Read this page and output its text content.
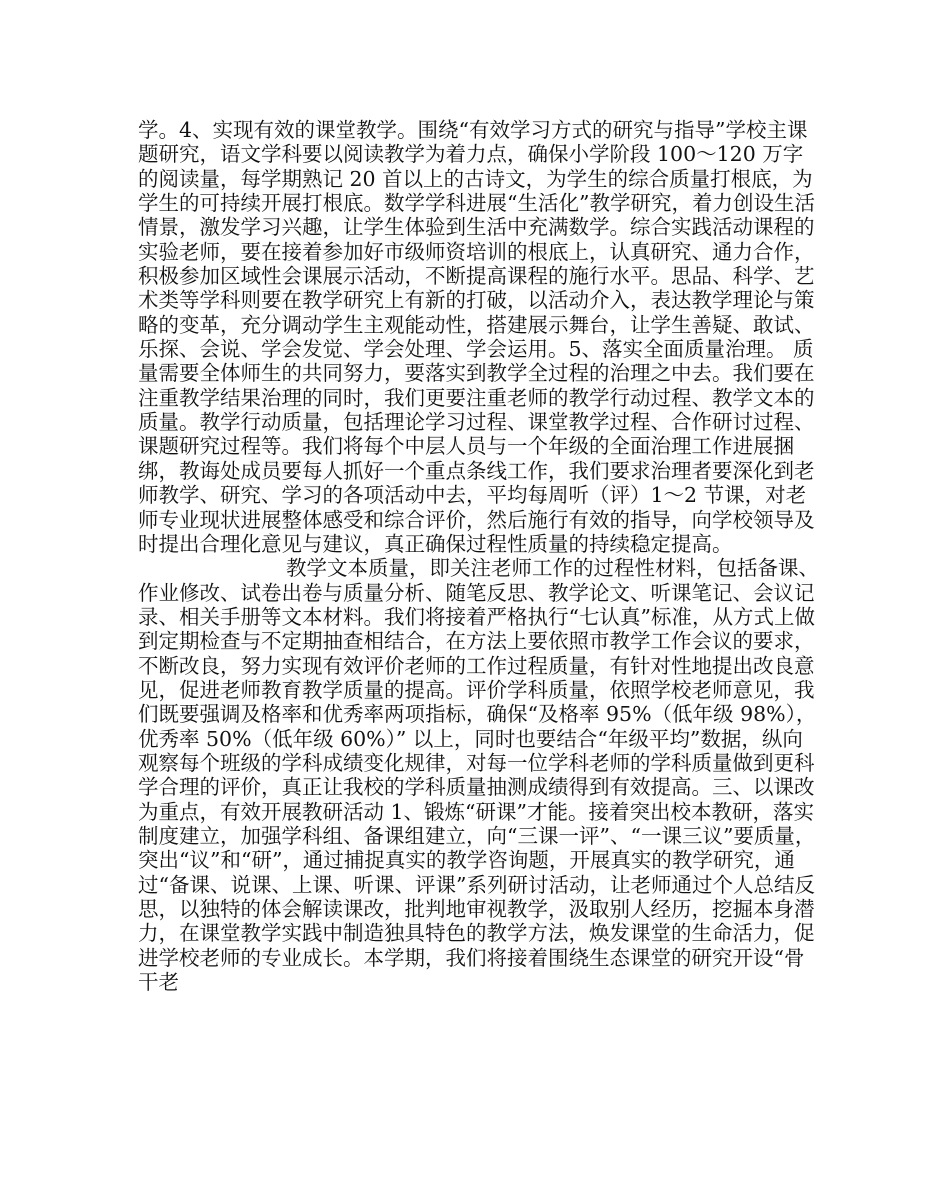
学。4、实现有效的课堂教学。围绕“有效学习方式的研究与指导”学校主课题研究，语文学科要以阅读教学为着力点，确保小学阶段 100～120 万字的阅读量，每学期熟记 20 首以上的古诗文，为学生的综合质量打根底，为学生的可持续开展打根底。数学学科进展“生活化”教学研究，着力创设生活情景，激发学习兴趣，让学生体验到生活中充满数学。综合实践活动课程的实验老师，要在接着参加好市级师资培训的根底上，认真研究、通力合作，积极参加区域性会课展示活动，不断提高课程的施行水平。思品、科学、艺术类等学科则要在教学研究上有新的打破，以活动介入，表达教学理论与策略的变革，充分调动学生主观能动性，搭建展示舞台，让学生善疑、敢试、乐探、会说、学会发觉、学会处理、学会运用。5、落实全面质量治理。 质量需要全体师生的共同努力，要落实到教学全过程的治理之中去。我们要在注重教学结果治理的同时，我们更要注重老师的教学行动过程、教学文本的质量。教学行动质量，包括理论学习过程、课堂教学过程、合作研讨过程、课题研究过程等。我们将每个中层人员与一个年级的全面治理工作进展捆绑，教诲处成员要每人抓好一个重点条线工作，我们要求治理者要深化到老师教学、研究、学习的各项活动中去，平均每周听（评）1～2 节课，对老师专业现状进展整体感受和综合评价，然后施行有效的指导，向学校领导及时提出合理化意见与建议，真正确保过程性质量的持续稳定提高。

教学文本质量，即关注老师工作的过程性材料，包括备课、作业修改、试卷出卷与质量分析、随笔反思、教学论文、听课笔记、会议记录、相关手册等文本材料。我们将接着严格执行“七认真”标准，从方式上做到定期检查与不定期抽查相结合，在方法上要依照市教学工作会议的要求，不断改良，努力实现有效评价老师的工作过程质量，有针对性地提出改良意见，促进老师教育教学质量的提高。评价学科质量，依照学校老师意见，我们既要强调及格率和优秀率两项指标，确保“及格率 95%（低年级 98%），优秀率 50%（低年级 60%）” 以上，同时也要结合“年级平均”数据，纵向观察每个班级的学科成绩变化规律，对每一位学科老师的学科质量做到更科学合理的评价，真正让我校的学科质量抽测成绩得到有效提高。三、以课改为重点，有效开展教研活动 1、锻炼“研课”才能。接着突出校本教研，落实制度建立，加强学科组、备课组建立，向“三课一评”、“一课三议”要质量，突出“议”和“研”，通过捕捉真实的教学咨询题，开展真实的教学研究，通过“备课、说课、上课、听课、评课”系列研讨活动，让老师通过个人总结反思，以独特的体会解读课改，批判地审视教学，汲取别人经历，挖掘本身潜力，在课堂教学实践中制造独具特色的教学方法，焕发课堂的生命活力，促进学校老师的专业成长。本学期，我们将接着围绕生态课堂的研究开设“骨干老
